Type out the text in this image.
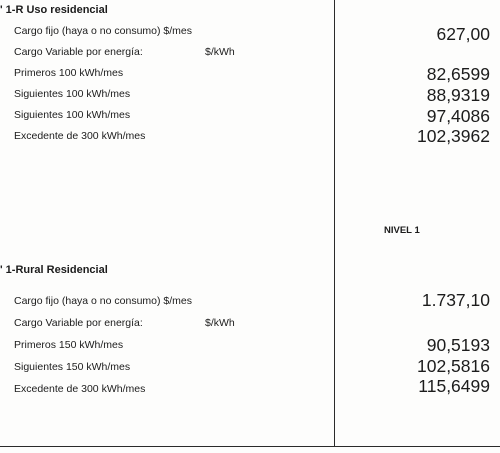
' 1-R Uso residencial
Cargo fijo (haya o no consumo) $/mes	627,00
Cargo Variable por energía:	$/kWh
Primeros 100 kWh/mes	82,6599
Siguientes 100 kWh/mes	88,9319
Siguientes 100 kWh/mes	97,4086
Excedente de 300 kWh/mes	102,3962
NIVEL 1
' 1-Rural Residencial
Cargo fijo (haya o no consumo) $/mes	1.737,10
Cargo Variable por energía:	$/kWh
Primeros 150 kWh/mes	90,5193
Siguientes 150 kWh/mes	102,5816
Excedente de 300 kWh/mes	115,6499
